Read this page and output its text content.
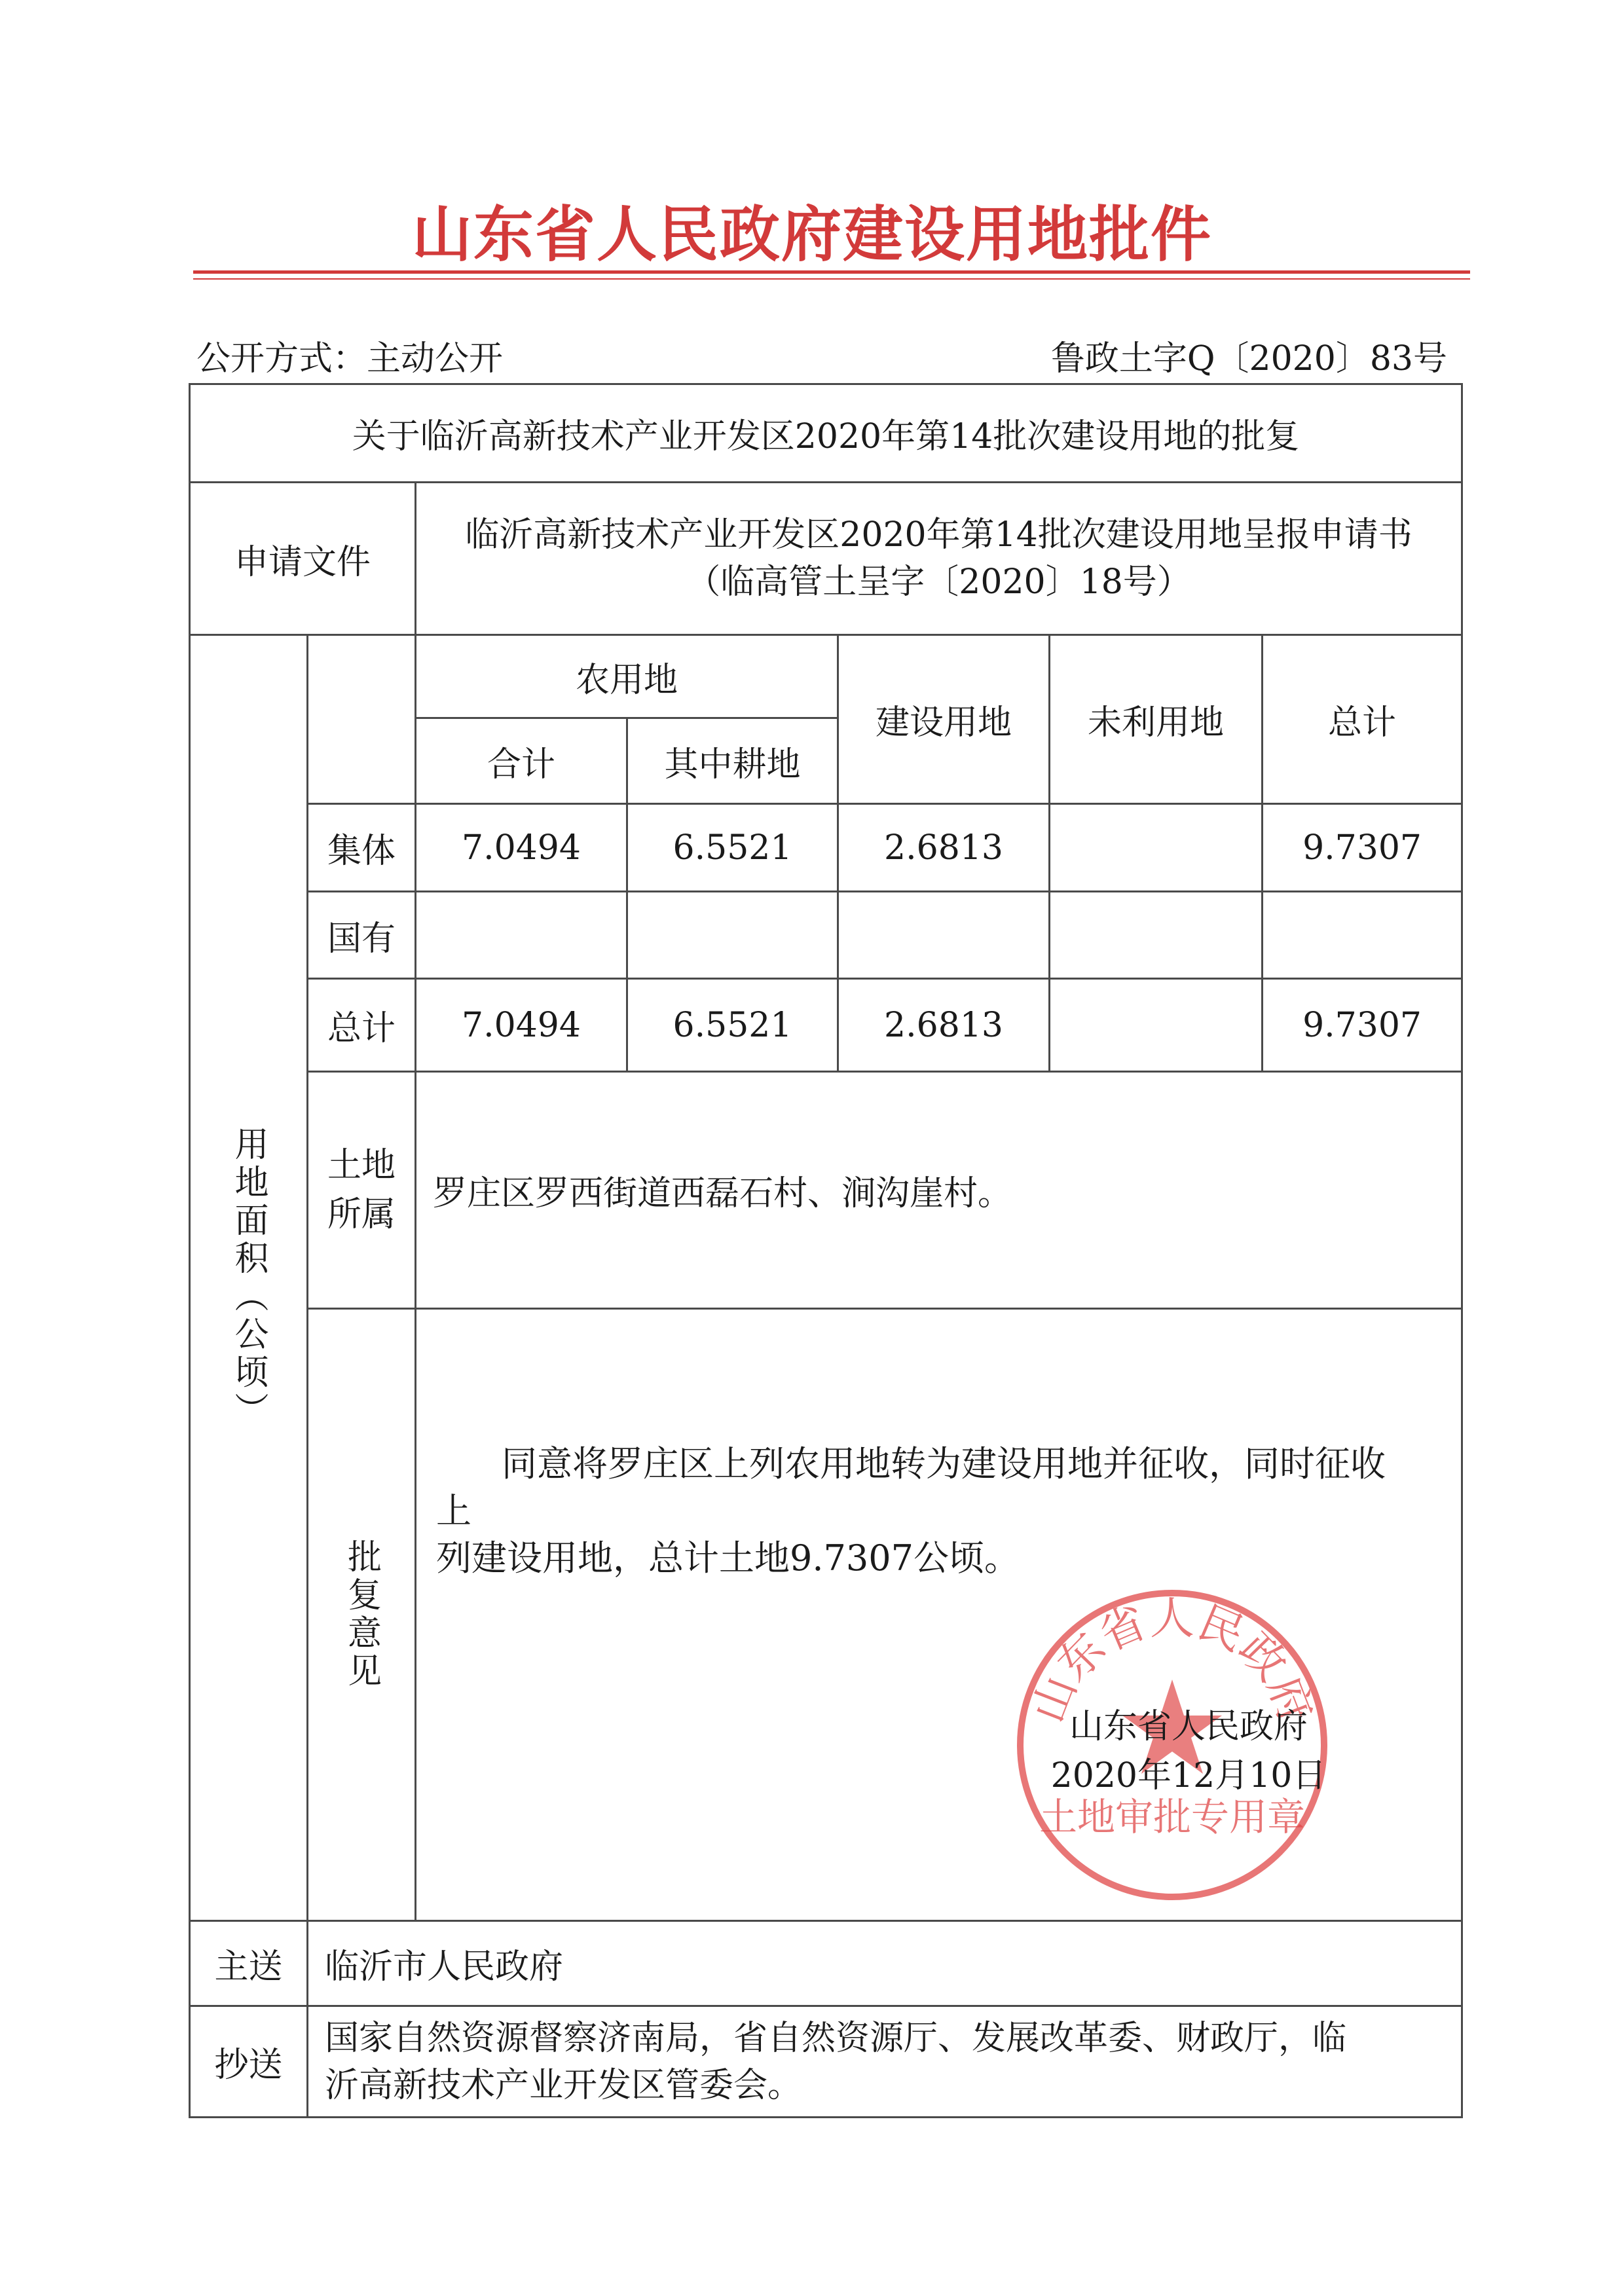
山东省人民政府建设用地批件
公开方式：主动公开	鲁政土字Q〔2020〕83号
关于临沂高新技术产业开发区2020年第14批次建设用地的批复						
申请文件		临沂高新技术产业开发区2020年第14批次建设用地呈报申请书
（临高管土呈字〔2020〕18号）				

用地面积（公顷）		农用地		建设用地	未利用地	总计
		合计	其中耕地			
	集体	7.0494	6.5521	2.6813		9.7307
	国有					
	总计	7.0494	6.5521	2.6813		9.7307

	土地
所属	罗庄区罗西街道西磊石村、涧沟崖村。				

	批复意见	同意将罗庄区上列农用地转为建设用地并征收，同时征收上
列建设用地，总计土地9.7307公顷。				

主送	临沂市人民政府					
抄送	国家自然资源督察济南局，省自然资源厅、发展改革委、财政厅，临
沂高新技术产业开发区管委会。					
山东省人民政府
土地审批专用章
山东省人民政府
2020年12月10日
